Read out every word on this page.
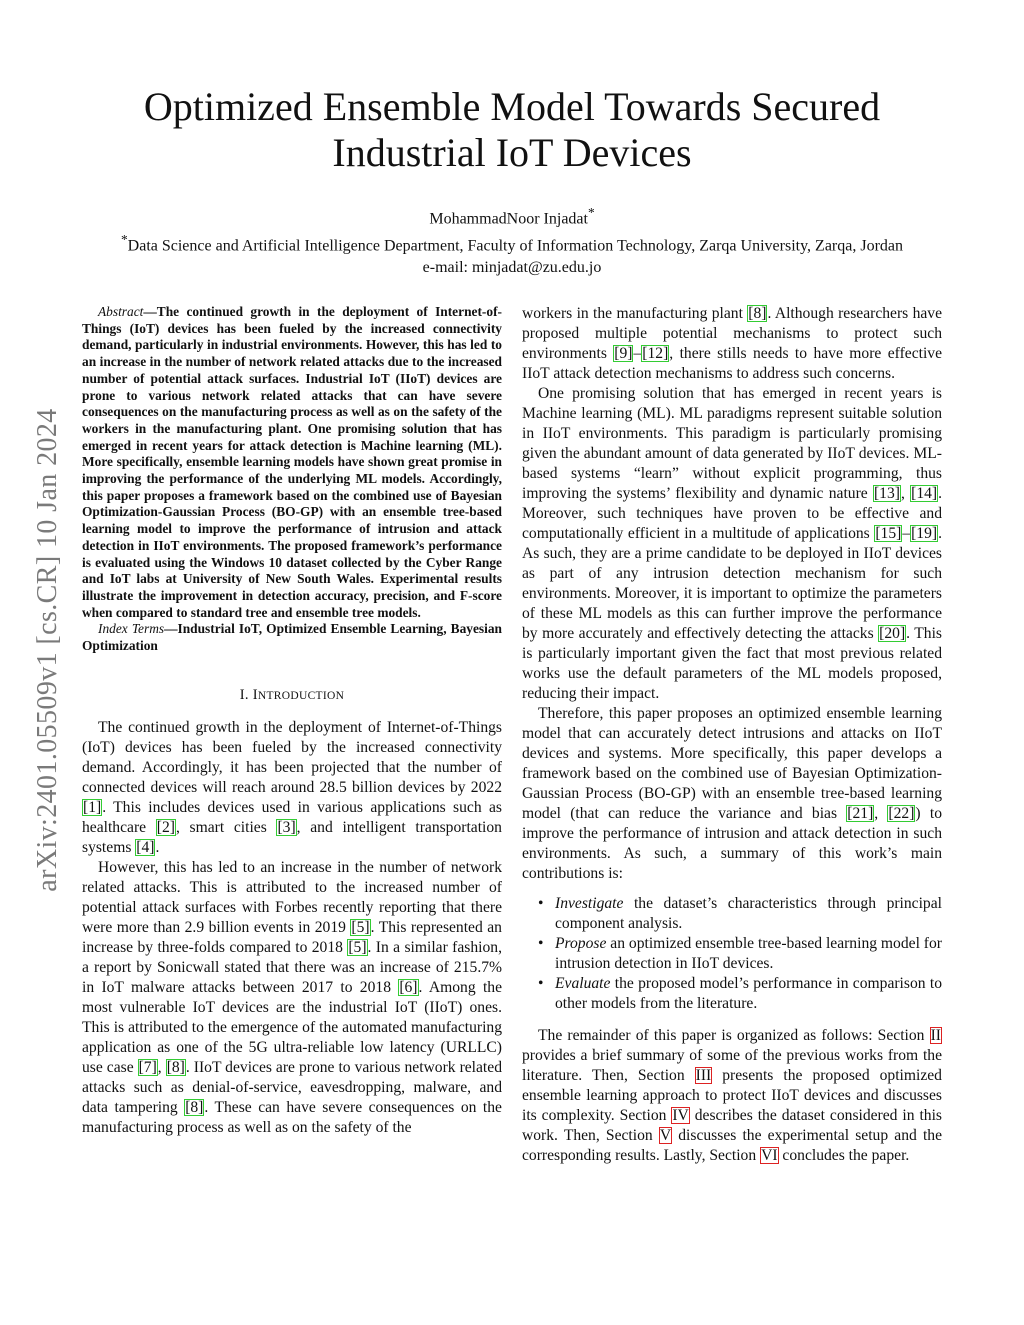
arXiv:2401.05509v1 [cs.CR] 10 Jan 2024
Optimized Ensemble Model Towards Secured Industrial IoT Devices
MohammadNoor Injadat*
*Data Science and Artificial Intelligence Department, Faculty of Information Technology, Zarqa University, Zarqa, Jordan
e-mail: minjadat@zu.edu.jo

Abstract—The continued growth in the deployment of Internet-of-Things (IoT) devices has been fueled by the increased connectivity demand, particularly in industrial environments. However, this has led to an increase in the number of network related attacks due to the increased number of potential attack surfaces. Industrial IoT (IIoT) devices are prone to various network related attacks that can have severe consequences on the manufacturing process as well as on the safety of the workers in the manufacturing plant. One promising solution that has emerged in recent years for attack detection is Machine learning (ML). More specifically, ensemble learning models have shown great promise in improving the performance of the underlying ML models. Accordingly, this paper proposes a framework based on the combined use of Bayesian Optimization-Gaussian Process (BO-GP) with an ensemble tree-based learning model to improve the performance of intrusion and attack detection in IIoT environments. The proposed framework’s performance is evaluated using the Windows 10 dataset collected by the Cyber Range and IoT labs at University of New South Wales. Experimental results illustrate the improvement in detection accuracy, precision, and F-score when compared to standard tree and ensemble tree models.

Index Terms—Industrial IoT, Optimized Ensemble Learning, Bayesian Optimization

I. INTRODUCTION

The continued growth in the deployment of Internet-of-Things (IoT) devices has been fueled by the increased connectivity demand. Accordingly, it has been projected that the number of connected devices will reach around 28.5 billion devices by 2022 [1]. This includes devices used in various applications such as healthcare [2], smart cities [3], and intelligent transportation systems [4].

However, this has led to an increase in the number of network related attacks. This is attributed to the increased number of potential attack surfaces with Forbes recently reporting that there were more than 2.9 billion events in 2019 [5]. This represented an increase by three-folds compared to 2018 [5]. In a similar fashion, a report by Sonicwall stated that there was an increase of 215.7% in IoT malware attacks between 2017 to 2018 [6]. Among the most vulnerable IoT devices are the industrial IoT (IIoT) ones. This is attributed to the emergence of the automated manufacturing application as one of the 5G ultra-reliable low latency (URLLC) use case [7], [8]. IIoT devices are prone to various network related attacks such as denial-of-service, eavesdropping, malware, and data tampering [8]. These can have severe consequences on the manufacturing process as well as on the safety of the

workers in the manufacturing plant [8]. Although researchers have proposed multiple potential mechanisms to protect such environments [9]–[12], there stills needs to have more effective IIoT attack detection mechanisms to address such concerns.

One promising solution that has emerged in recent years is Machine learning (ML). ML paradigms represent suitable solution in IIoT environments. This paradigm is particularly promising given the abundant amount of data generated by IIoT devices. ML-based systems “learn” without explicit programming, thus improving the systems’ flexibility and dynamic nature [13], [14]. Moreover, such techniques have proven to be effective and computationally efficient in a multitude of applications [15]–[19]. As such, they are a prime candidate to be deployed in IIoT devices as part of any intrusion detection mechanism for such environments. Moreover, it is important to optimize the parameters of these ML models as this can further improve the performance by more accurately and effectively detecting the attacks [20]. This is particularly important given the fact that most previous related works use the default parameters of the ML models proposed, reducing their impact.

Therefore, this paper proposes an optimized ensemble learning model that can accurately detect intrusions and attacks on IIoT devices and systems. More specifically, this paper develops a framework based on the combined use of Bayesian Optimization-Gaussian Process (BO-GP) with an ensemble tree-based learning model (that can reduce the variance and bias [21], [22]) to improve the performance of intrusion and attack detection in such environments. As such, a summary of this work’s main contributions is:

• Investigate the dataset’s characteristics through principal component analysis.
• Propose an optimized ensemble tree-based learning model for intrusion detection in IIoT devices.
• Evaluate the proposed model’s performance in comparison to other models from the literature.

The remainder of this paper is organized as follows: Section II provides a brief summary of some of the previous works from the literature. Then, Section III presents the proposed optimized ensemble learning approach to protect IIoT devices and discusses its complexity. Section IV describes the dataset considered in this work. Then, Section V discusses the experimental setup and the corresponding results. Lastly, Section VI concludes the paper.
